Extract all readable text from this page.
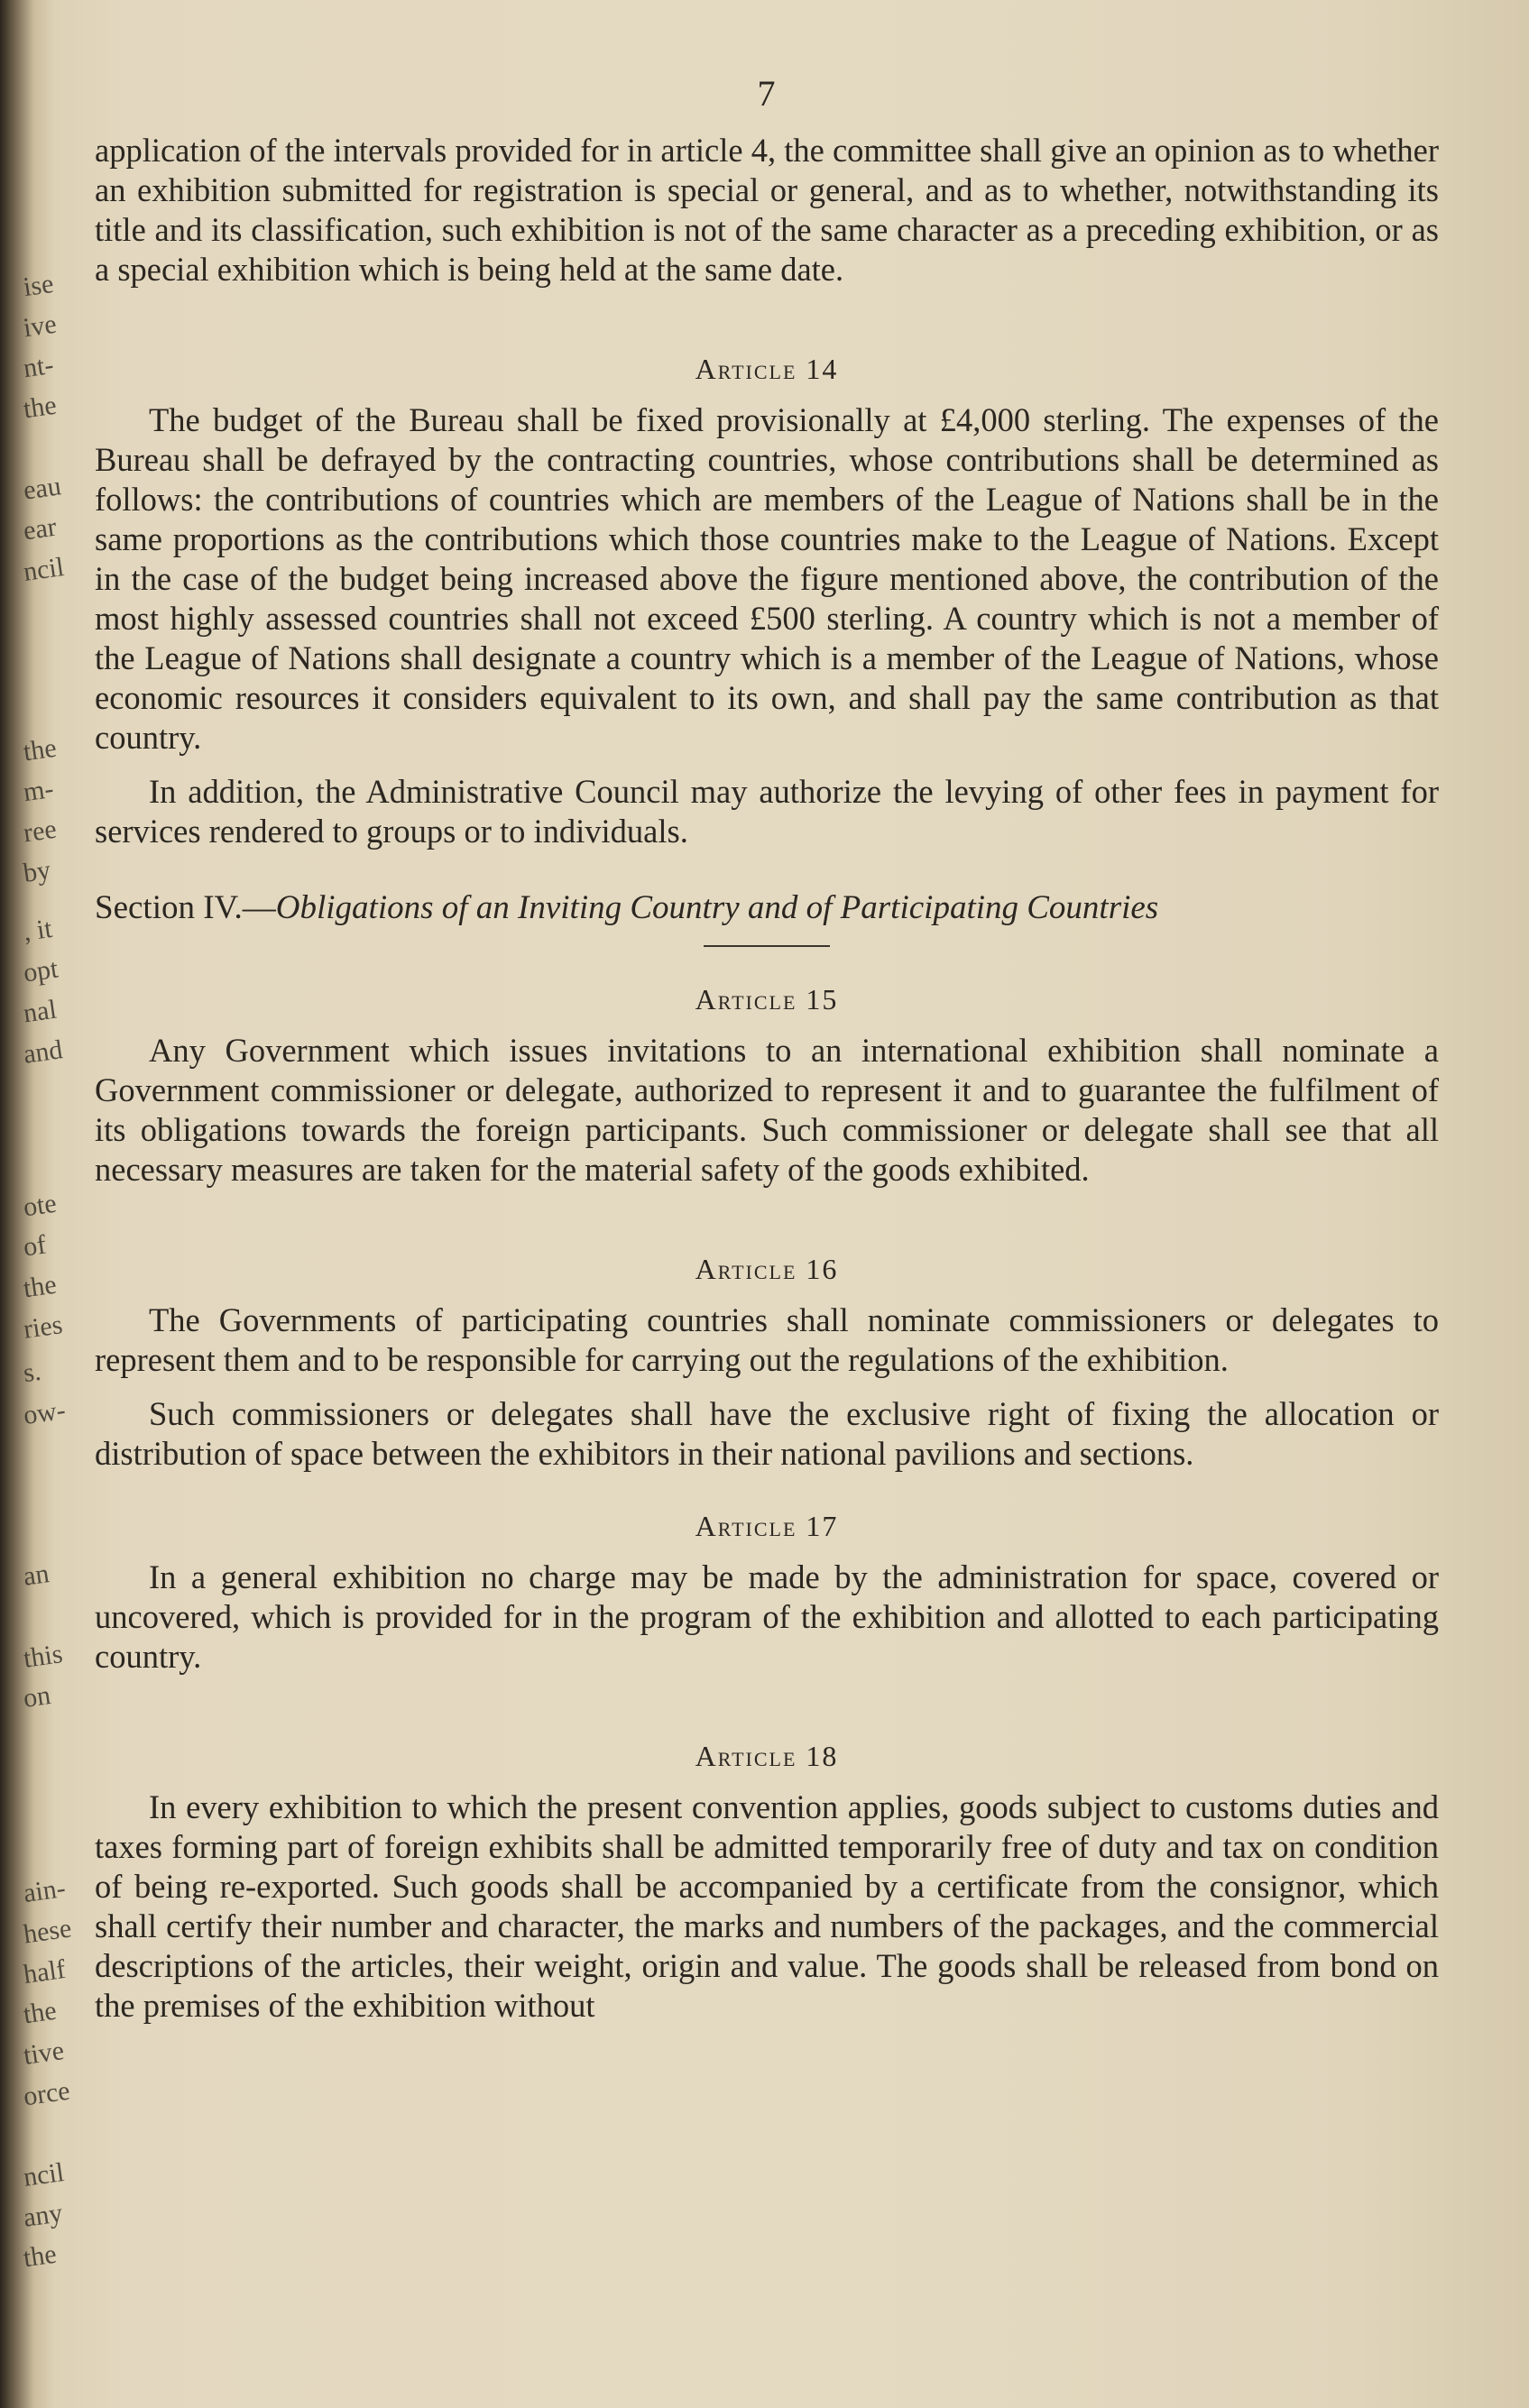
ise
ive
nt-
the
eau
ear
ncil
the
m-
ree
by
, it
opt
nal
and
ote
of
the
ries
s.
ow-
an
this
on
ain-
hese
half
the
tive
orce
ncil
any
the
7

application of the intervals provided for in article 4, the committee shall give an opinion as to whether an exhibition submitted for registration is special or general, and as to whether, notwithstanding its title and its classification, such exhibition is not of the same character as a preceding exhibition, or as a special exhibition which is being held at the same date.

Article 14

The budget of the Bureau shall be fixed provisionally at £4,000 sterling. The expenses of the Bureau shall be defrayed by the contracting countries, whose contributions shall be determined as follows: the contributions of countries which are members of the League of Nations shall be in the same proportions as the contributions which those countries make to the League of Nations. Except in the case of the budget being increased above the figure mentioned above, the contribution of the most highly assessed countries shall not exceed £500 sterling. A country which is not a member of the League of Nations shall designate a country which is a member of the League of Nations, whose economic resources it considers equivalent to its own, and shall pay the same contribution as that country.

In addition, the Administrative Council may authorize the levying of other fees in payment for services rendered to groups or to individuals.

Section IV.—Obligations of an Inviting Country and of Participating Countries
Article 15

Any Government which issues invitations to an international exhibition shall nominate a Government commissioner or delegate, authorized to represent it and to guarantee the fulfilment of its obligations towards the foreign participants. Such commissioner or delegate shall see that all necessary measures are taken for the material safety of the goods exhibited.

Article 16

The Governments of participating countries shall nominate commissioners or delegates to represent them and to be responsible for carrying out the regulations of the exhibition.

Such commissioners or delegates shall have the exclusive right of fixing the allocation or distribution of space between the exhibitors in their national pavilions and sections.

Article 17

In a general exhibition no charge may be made by the administration for space, covered or uncovered, which is provided for in the program of the exhibition and allotted to each participating country.

Article 18

In every exhibition to which the present convention applies, goods subject to customs duties and taxes forming part of foreign exhibits shall be admitted temporarily free of duty and tax on condition of being re-exported. Such goods shall be accompanied by a certificate from the consignor, which shall certify their number and character, the marks and numbers of the packages, and the commercial descriptions of the articles, their weight, origin and value. The goods shall be released from bond on the premises of the exhibition without
